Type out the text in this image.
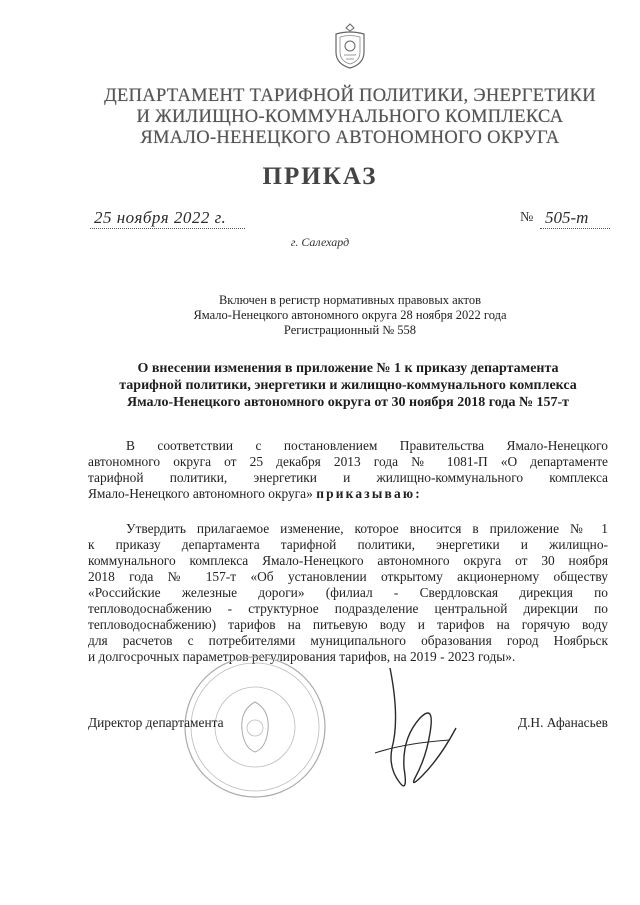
ДЕПАРТАМЕНТ ТАРИФНОЙ ПОЛИТИКИ, ЭНЕРГЕТИКИ
И ЖИЛИЩНО-КОММУНАЛЬНОГО КОМПЛЕКСА
ЯМАЛО-НЕНЕЦКОГО АВТОНОМНОГО ОКРУГА
ПРИКАЗ
25 ноября 2022 г.	№ 505-т
г. Салехард
Включен в регистр нормативных правовых актов
Ямало-Ненецкого автономного округа 28 ноября 2022 года
Регистрационный № 558
О внесении изменения в приложение № 1 к приказу департамента
тарифной политики, энергетики и жилищно-коммунального комплекса
Ямало-Ненецкого автономного округа от 30 ноября 2018 года № 157-т
В соответствии с постановлением Правительства Ямало-Ненецкого
автономного округа от 25 декабря 2013 года № 1081-П «О департаменте
тарифной политики, энергетики и жилищно-коммунального комплекса
Ямало-Ненецкого автономного округа» приказываю:
Утвердить прилагаемое изменение, которое вносится в приложение № 1
к приказу департамента тарифной политики, энергетики и жилищно-
коммунального комплекса Ямало-Ненецкого автономного округа от 30 ноября
2018 года № 157-т «Об установлении открытому акционерному обществу
«Российские железные дороги» (филиал - Свердловская дирекция по
тепловодоснабжению - структурное подразделение центральной дирекции по
тепловодоснабжению) тарифов на питьевую воду и тарифов на горячую воду
для расчетов с потребителями муниципального образования город Ноябрьск
и долгосрочных параметров регулирования тарифов, на 2019 - 2023 годы».
Директор департамента	Д.Н. Афанасьев
